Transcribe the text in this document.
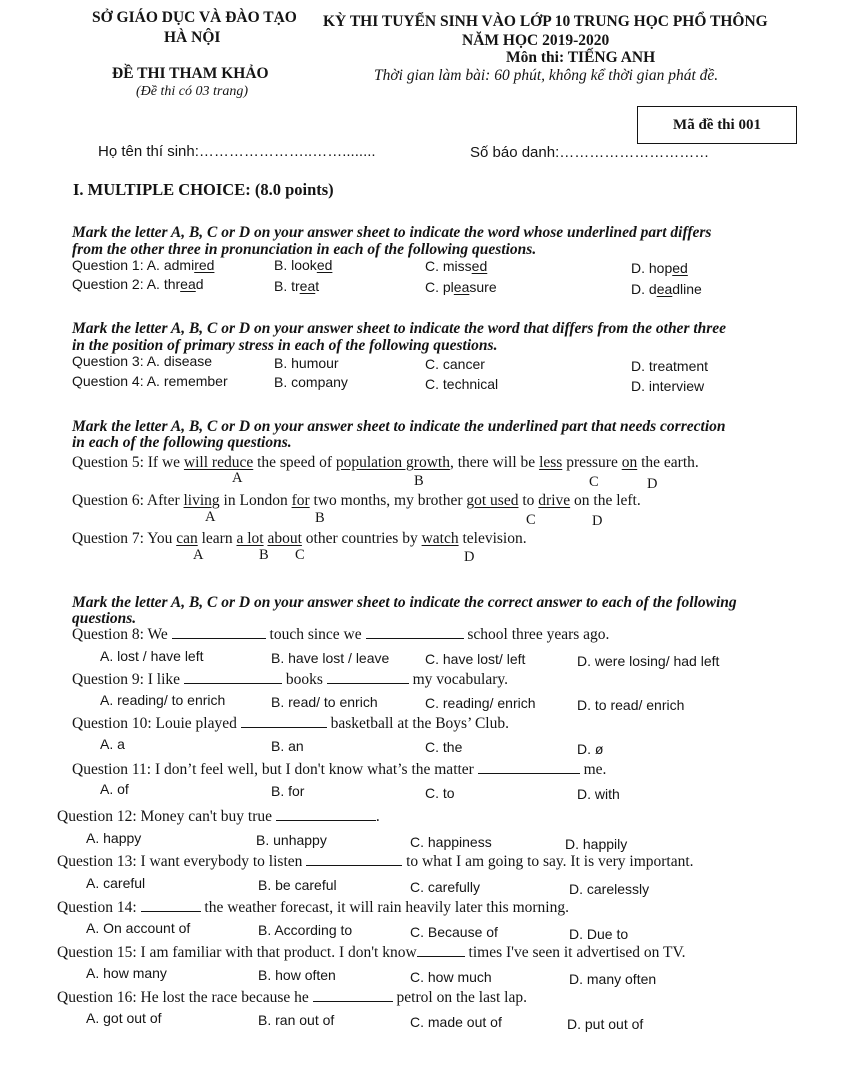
SỞ GIÁO DỤC VÀ ĐÀO TẠO
HÀ NỘI
KỲ THI TUYỂN SINH VÀO LỚP 10 TRUNG HỌC PHỔ THÔNG
NĂM HỌC 2019-2020
Môn thi: TIẾNG ANH
ĐỀ THI THAM KHẢO
(Đề thi có 03 trang)
Thời gian làm bài: 60 phút, không kể thời gian phát đề.
Mã đề thi 001
Họ tên thí sinh:…………………..……........	Số báo danh:…………………………
I. MULTIPLE CHOICE: (8.0 points)
Mark the letter A, B, C or D on your answer sheet to indicate the word whose underlined part differs
from the other three in pronunciation in each of the following questions.
Question 1: A. admired	B. looked	C. missed	D. hoped
Question 2: A. thread	B. treat	C. pleasure	D. deadline
Mark the letter A, B, C or D on your answer sheet to indicate the word that differs from the other three
in the position of primary stress in each of the following questions.
Question 3: A. disease	B. humour	C. cancer	D. treatment
Question 4: A. remember	B. company	C. technical	D. interview
Mark the letter A, B, C or D on your answer sheet to indicate the underlined part that needs correction
in each of the following questions.
Question 5: If we will reduce the speed of population growth, there will be less pressure on the earth.
A	B	C	D
Question 6: After living in London for two months, my brother got used to drive on the left.
A	B	C	D
Question 7: You can learn a lot about other countries by watch television.
A	B C	D
Mark the letter A, B, C or D on your answer sheet to indicate the correct answer to each of the following
questions.
Question 8: We	touch since we	school three years ago.
A. lost / have left	B. have lost / leave	C. have lost/ left	D. were losing/ had left
Question 9: I like	books	my vocabulary.
A. reading/ to enrich	B. read/ to enrich	C. reading/ enrich	D. to read/ enrich
Question 10: Louie played	basketball at the Boys’ Club.
A. a	B. an	C. the	D. ø
Question 11: I don’t feel well, but I don't know what’s the matter	me.
A. of	B. for	C. to	D. with
Question 12: Money can't buy true	.
A. happy	B. unhappy	C. happiness	D. happily
Question 13: I want everybody to listen	to what I am going to say. It is very important.
A. careful	B. be careful	C. carefully	D. carelessly
Question 14:	the weather forecast, it will rain heavily later this morning.
A. On account of	B. According to	C. Because of	D. Due to
Question 15: I am familiar with that product. I don't know	times I've seen it advertised on TV.
A. how many	B. how often	C. how much	D. many often
Question 16: He lost the race because he	petrol on the last lap.
A. got out of	B. ran out of	C. made out of	D. put out of
